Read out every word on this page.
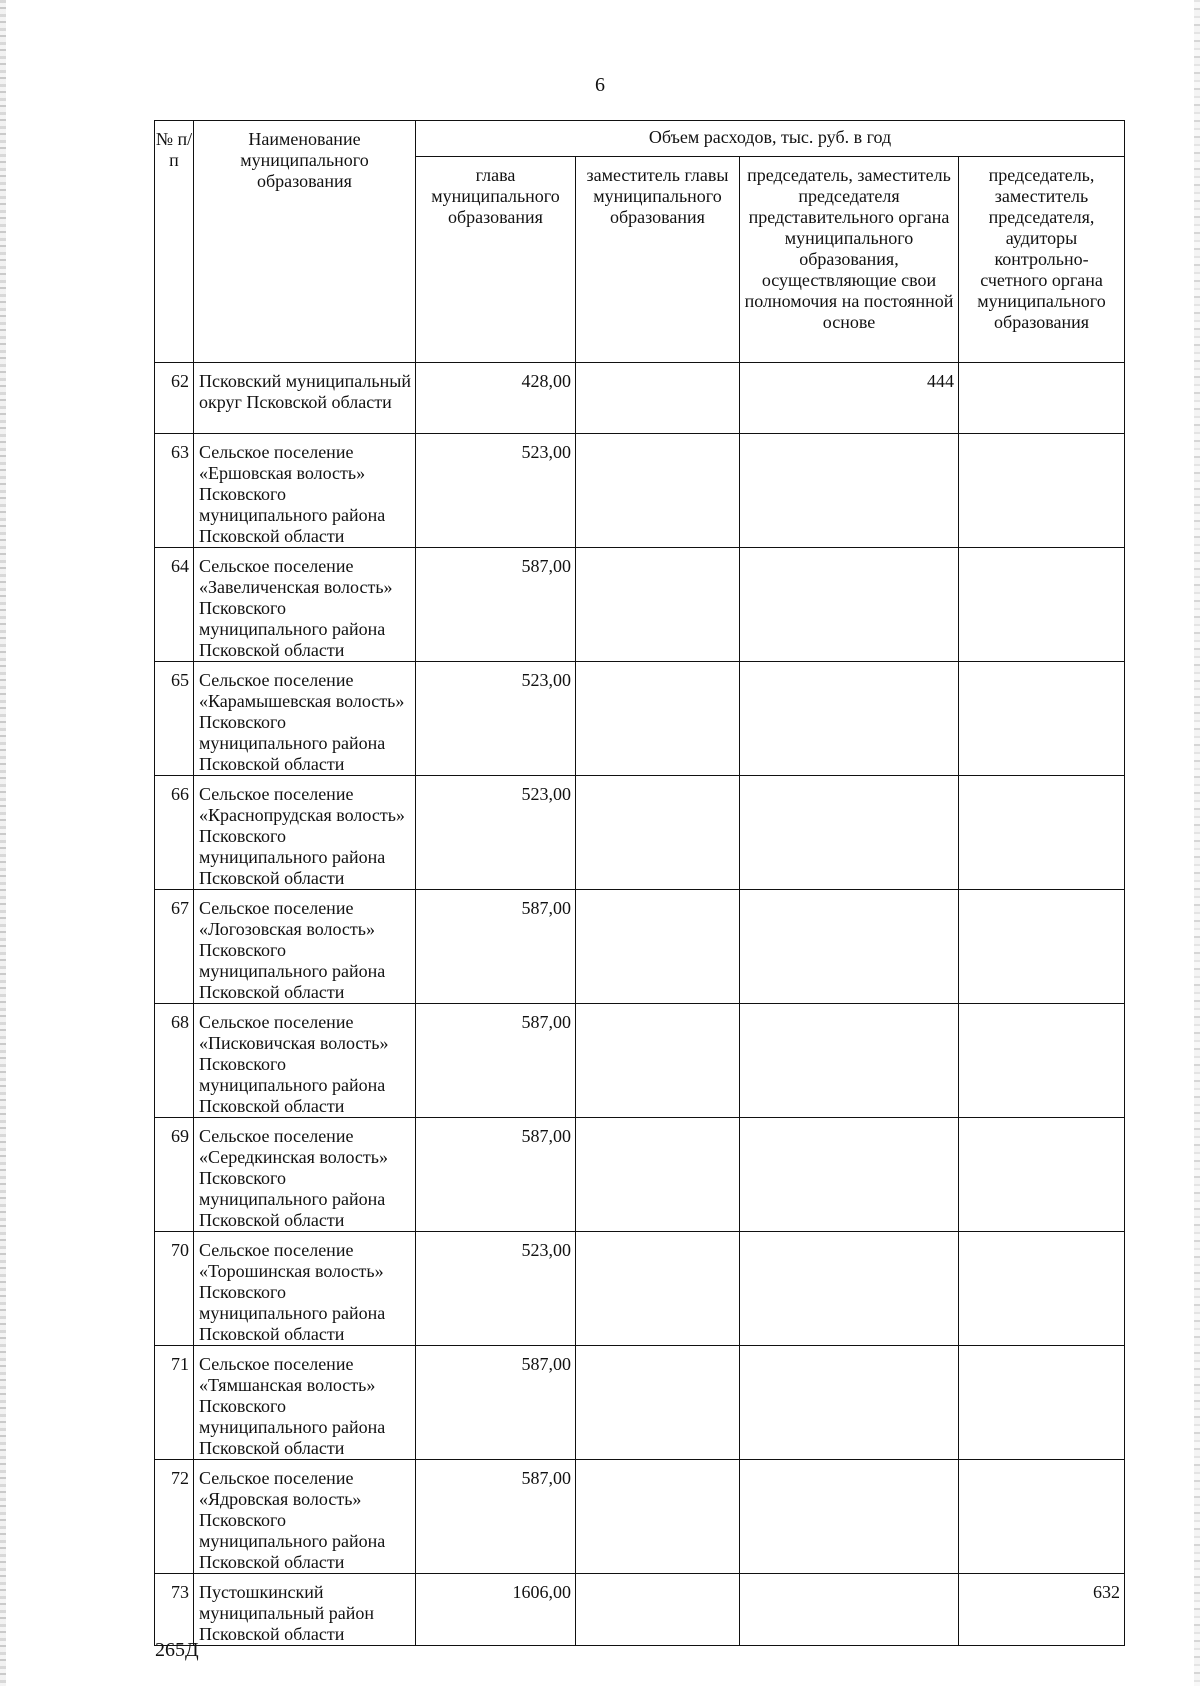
6
№ п/п	Наименование муниципального образования	Объем расходов, тыс. руб. в год			
		глава муниципального образования	заместитель главы муниципального образования	председатель, заместитель председателя представительного органа муниципального образования, осуществляющие свои полномочия на постоянной основе	председатель, заместитель председателя, аудиторы контрольно-счетного органа муниципального образования
62	Псковский муниципальный округ Псковской области	428,00		444	
63	Сельское поселение «Ершовская волость» Псковского муниципального района Псковской области	523,00			
64	Сельское поселение «Завеличенская волость» Псковского муниципального района Псковской области	587,00			
65	Сельское поселение «Карамышевская волость» Псковского муниципального района Псковской области	523,00			
66	Сельское поселение «Краснопрудская волость» Псковского муниципального района Псковской области	523,00			
67	Сельское поселение «Логозовская волость» Псковского муниципального района Псковской области	587,00			
68	Сельское поселение «Писковичская волость» Псковского муниципального района Псковской области	587,00			
69	Сельское поселение «Середкинская волость» Псковского муниципального района Псковской области	587,00			
70	Сельское поселение «Торошинская волость» Псковского муниципального района Псковской области	523,00			
71	Сельское поселение «Тямшанская волость» Псковского муниципального района Псковской области	587,00			
72	Сельское поселение «Ядровская волость» Псковского муниципального района Псковской области	587,00			
73	Пустошкинский муниципальный район Псковской области	1606,00			632
265Д
